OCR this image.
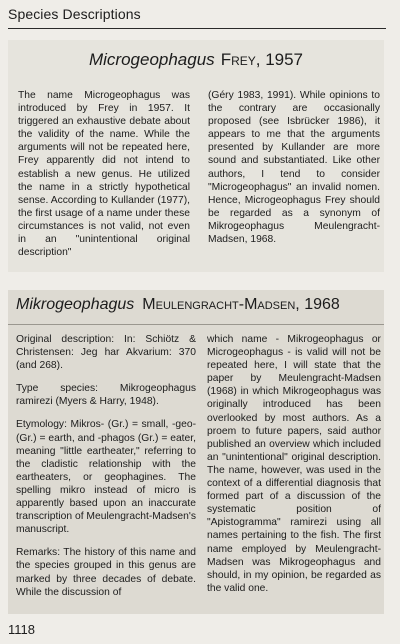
Species Descriptions
Microgeophagus Frey, 1957
The name Microgeophagus was introduced by Frey in 1957. It triggered an exhaustive debate about the validity of the name. While the arguments will not be repeated here, Frey apparently did not intend to establish a new genus. He utilized the name in a strictly hypothetical sense. According to Kullander (1977), the first usage of a name under these circumstances is not valid, not even in an "unintentional original description"
(Géry 1983, 1991). While opinions to the contrary are occasionally proposed (see Isbrücker 1986), it appears to me that the arguments presented by Kullander are more sound and substantiated. Like other authors, I tend to consider "Microgeophagus" an invalid nomen. Hence, Microgeophagus Frey should be regarded as a synonym of Mikrogeophagus Meulengracht-Madsen, 1968.
Mikrogeophagus Meulengracht-Madsen, 1968

Original description: In: Schiötz & Christensen: Jeg har Akvarium: 370 (and 268).

Type species: Mikrogeophagus ramirezi (Myers & Harry, 1948).

Etymology: Mikros- (Gr.) = small, -geo- (Gr.) = earth, and -phagos (Gr.) = eater, meaning "little eartheater," referring to the cladistic relationship with the eartheaters, or geophagines. The spelling mikro instead of micro is apparently based upon an inaccurate transcription of Meulengracht-Madsen's manuscript.

Remarks: The history of this name and the species grouped in this genus are marked by three decades of debate. While the discussion of

which name - Mikrogeophagus or Microgeophagus - is valid will not be repeated here, I will state that the paper by Meulengracht-Madsen (1968) in which Mikrogeophagus was originally introduced has been overlooked by most authors. As a proem to future papers, said author published an overview which included an "unintentional" original description. The name, however, was used in the context of a differential diagnosis that formed part of a discussion of the systematic position of "Apistogramma" ramirezi using all names pertaining to the fish. The first name employed by Meulengracht-Madsen was Mikrogeophagus and should, in my opinion, be regarded as the valid one.
1118
